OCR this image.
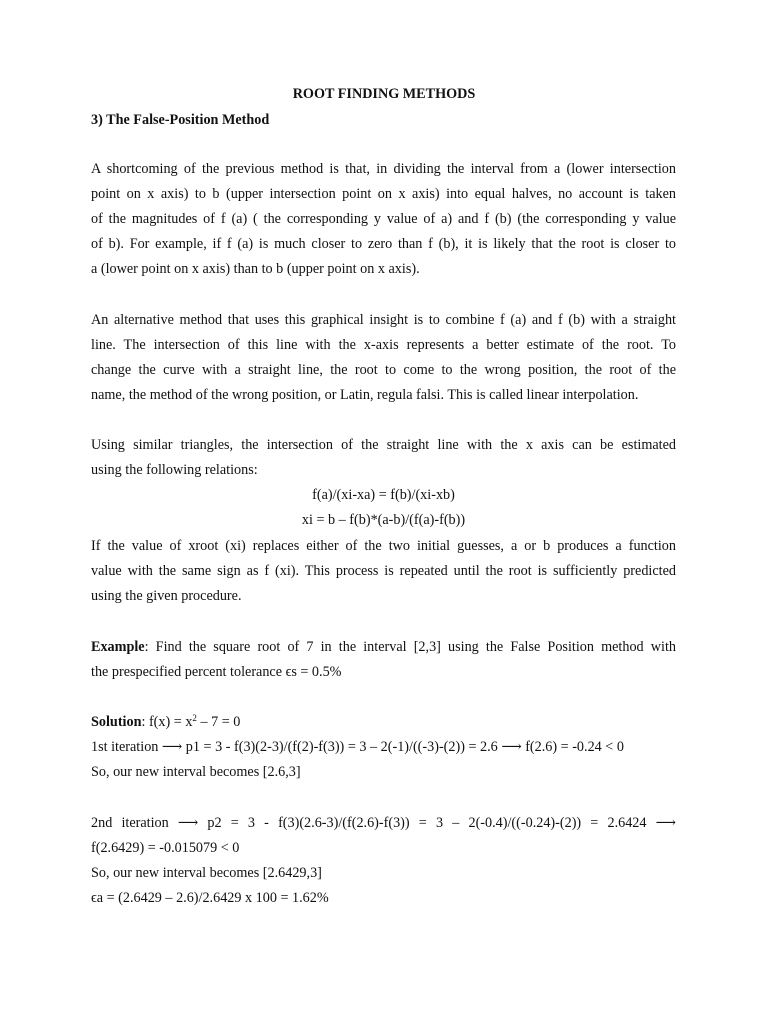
ROOT FINDING METHODS
3) The False-Position Method
A shortcoming of the previous method is that, in dividing the interval from a (lower intersection
point on x axis) to b (upper intersection point on x axis) into equal halves, no account is taken
of the magnitudes of f (a) ( the corresponding y value of a) and f (b) (the corresponding y value
of b). For example, if f (a) is much closer to zero than f (b), it is likely that the root is closer to
a (lower point on x axis) than to b (upper point on x axis).
An alternative method that uses this graphical insight is to combine f (a) and f (b) with a straight
line. The intersection of this line with the x-axis represents a better estimate of the root. To
change the curve with a straight line, the root to come to the wrong position, the root of the
name, the method of the wrong position, or Latin, regula falsi. This is called linear interpolation.
Using similar triangles, the intersection of the straight line with the x axis can be estimated
using the following relations:
f(a)/(xi-xa) = f(b)/(xi-xb)
xi = b – f(b)*(a-b)/(f(a)-f(b))
If the value of xroot (xi) replaces either of the two initial guesses, a or b produces a function
value with the same sign as f (xi). This process is repeated until the root is sufficiently predicted
using the given procedure.
Example: Find the square root of 7 in the interval [2,3] using the False Position method with
the prespecified percent tolerance ϵs = 0.5%
Solution: $f(x) = x^2 - 7 = 0$
1st iteration ⟶ p1 = 3 - f(3)(2-3)/(f(2)-f(3)) = 3 – 2(-1)/((-3)-(2)) = 2.6 ⟶ f(2.6) = -0.24 < 0
So, our new interval becomes [2.6,3]
2nd iteration ⟶ p2 = 3 - f(3)(2.6-3)/(f(2.6)-f(3)) = 3 – 2(-0.4)/((-0.24)-(2)) = 2.6424 ⟶
f(2.6429) = -0.015079 < 0
So, our new interval becomes [2.6429,3]
ϵa = (2.6429 – 2.6)/2.6429 x 100 = 1.62%
